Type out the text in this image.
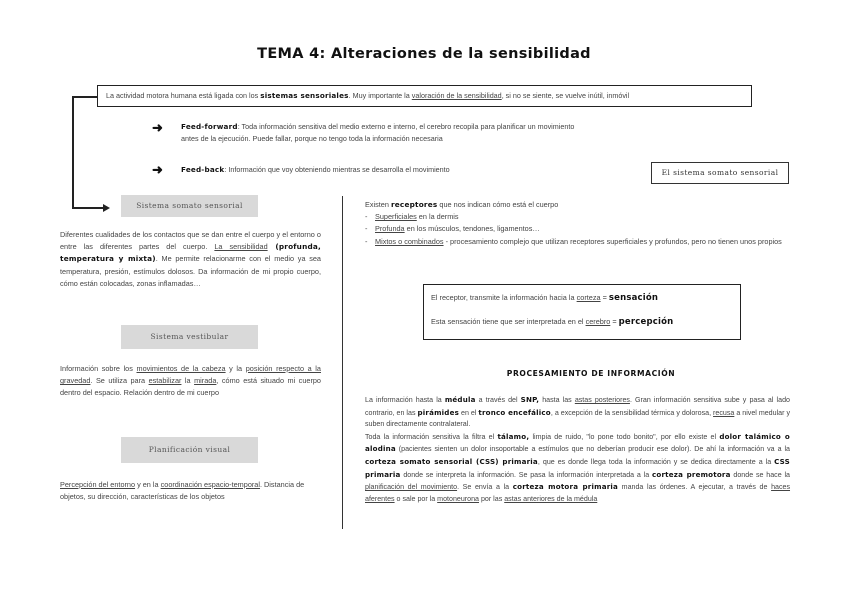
TEMA 4: Alteraciones de la sensibilidad
La actividad motora humana está ligada con los sistemas sensoriales. Muy importante la valoración de la sensibilidad, si no se siente, se vuelve inútil, inmóvil
➜	Feed-forward: Toda información sensitiva del medio externo e interno, el cerebro recopila para planificar un movimiento
antes de la ejecución. Puede fallar, porque no tengo toda la información necesaria
➜	Feed-back: Información que voy obteniendo mientras se desarrolla el movimiento	El sistema somato sensorial
Sistema somato sensorial
Diferentes cualidades de los contactos que se dan entre el cuerpo y el entorno o entre las diferentes partes del cuerpo. La sensibilidad (profunda, temperatura y mixta). Me permite relacionarme con el medio ya sea temperatura, presión, estímulos dolosos. Da información de mi propio cuerpo, cómo están colocadas, zonas inflamadas…
Sistema vestibular
Información sobre los movimientos de la cabeza y la posición respecto a la gravedad. Se utiliza para estabilizar la mirada, cómo está situado mi cuerpo dentro del espacio. Relación dentro de mi cuerpo
Planificación visual
Percepción del entorno y en la coordinación espacio-temporal. Distancia de objetos, su dirección, características de los objetos
Existen receptores que nos indican cómo está el cuerpo
- Superficiales en la dermis
- Profunda en los músculos, tendones, ligamentos…
- Mixtos o combinados - procesamiento complejo que utilizan receptores superficiales y profundos, pero no tienen unos propios
El receptor, transmite la información hacia la corteza = sensación
Esta sensación tiene que ser interpretada en el cerebro = percepción
PROCESAMIENTO DE INFORMACIÓN
La información hasta la médula a través del SNP, hasta las astas posteriores. Gran información sensitiva sube y pasa al lado contrario, en las pirámides en el tronco encefálico, a excepción de la sensibilidad térmica y dolorosa, recusa a nivel medular y suben directamente contralateral.
Toda la información sensitiva la filtra el tálamo, limpia de ruido, "lo pone todo bonito", por ello existe el dolor talámico o alodina (pacientes sienten un dolor insoportable a estímulos que no deberían producir ese dolor). De ahí la información va a la corteza somato sensorial (CSS) primaria, que es donde llega toda la información y se dedica directamente a la CSS primaria donde se interpreta la información. Se pasa la información interpretada a la corteza premotora donde se hace la planificación del movimiento. Se envía a la corteza motora primaria manda las órdenes. A ejecutar, a través de haces aferentes o sale por la motoneurona por las astas anteriores de la médula
